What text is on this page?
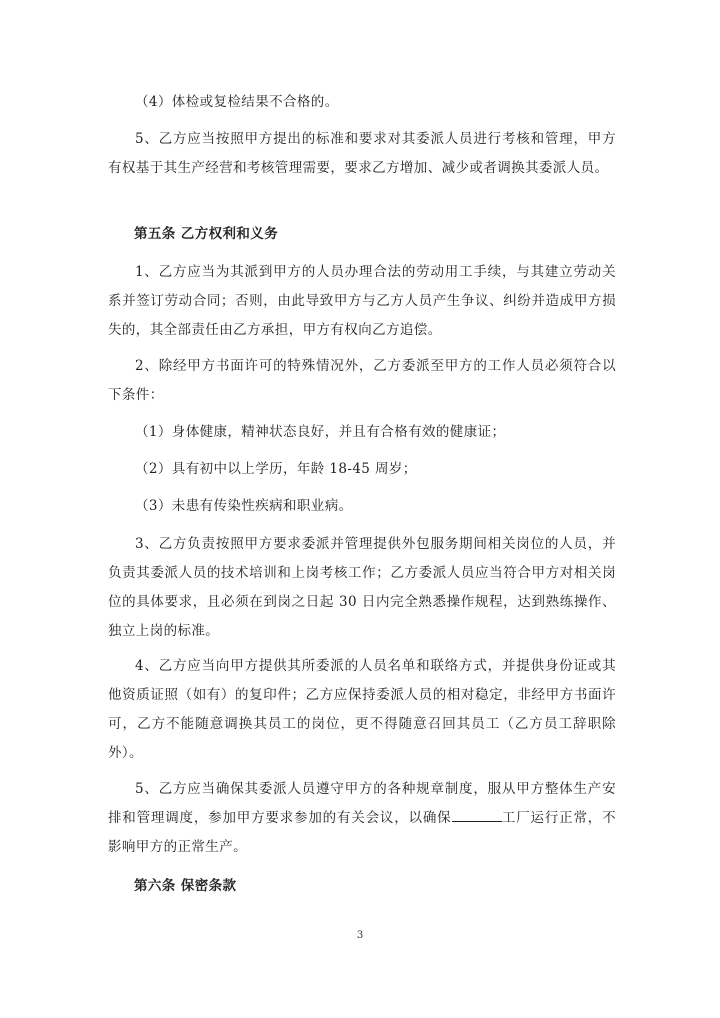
（4）体检或复检结果不合格的。

5、乙方应当按照甲方提出的标准和要求对其委派人员进行考核和管理，甲方有权基于其生产经营和考核管理需要，要求乙方增加、减少或者调换其委派人员。

第五条 乙方权利和义务

1、乙方应当为其派到甲方的人员办理合法的劳动用工手续，与其建立劳动关系并签订劳动合同；否则，由此导致甲方与乙方人员产生争议、纠纷并造成甲方损失的，其全部责任由乙方承担，甲方有权向乙方追偿。

2、除经甲方书面许可的特殊情况外，乙方委派至甲方的工作人员必须符合以下条件：

（1）身体健康，精神状态良好，并且有合格有效的健康证；

（2）具有初中以上学历，年龄 18-45 周岁；

（3）未患有传染性疾病和职业病。

3、乙方负责按照甲方要求委派并管理提供外包服务期间相关岗位的人员，并负责其委派人员的技术培训和上岗考核工作；乙方委派人员应当符合甲方对相关岗位的具体要求，且必须在到岗之日起 30 日内完全熟悉操作规程，达到熟练操作、独立上岗的标准。

4、乙方应当向甲方提供其所委派的人员名单和联络方式，并提供身份证或其他资质证照（如有）的复印件；乙方应保持委派人员的相对稳定，非经甲方书面许可，乙方不能随意调换其员工的岗位，更不得随意召回其员工（乙方员工辞职除外）。

5、乙方应当确保其委派人员遵守甲方的各种规章制度，服从甲方整体生产安排和管理调度，参加甲方要求参加的有关会议，以确保	工厂运行正常，不影响甲方的正常生产。

第六条 保密条款

3
